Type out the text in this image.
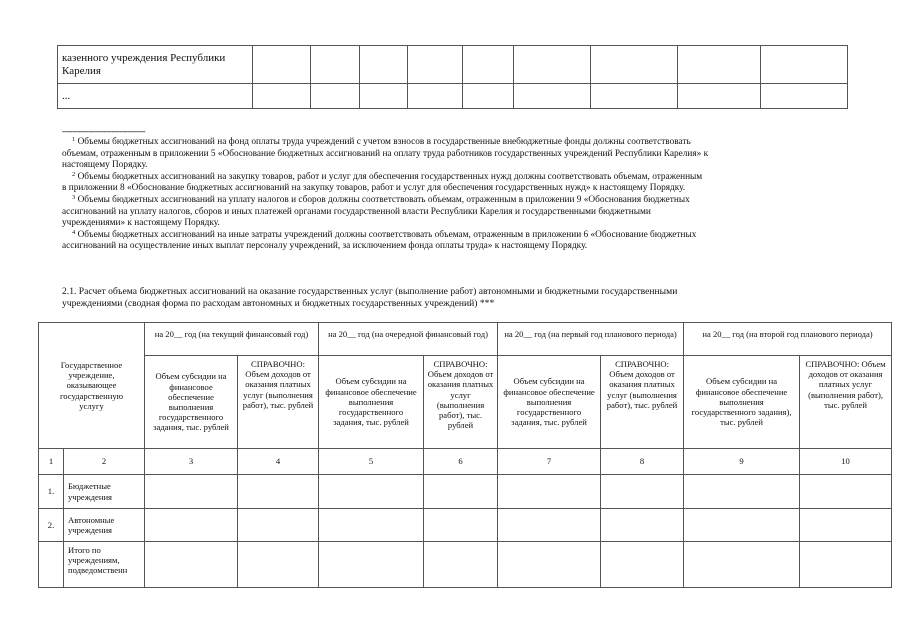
казенного учреждения Республики Карелия									
...									

--------------------------------

$^1$ Объемы бюджетных ассигнований на фонд оплаты труда учреждений с учетом взносов в государственные внебюджетные фонды должны соответствовать

объемам, отраженным в приложении 5 «Обоснование бюджетных ассигнований на оплату труда работников государственных учреждений Республики Карелия» к

настоящему Порядку.

$^2$ Объемы бюджетных ассигнований на закупку товаров, работ и услуг для обеспечения государственных нужд должны соответствовать объемам, отраженным

в приложении 8 «Обоснование бюджетных ассигнований на закупку товаров, работ и услуг для обеспечения государственных нужд» к настоящему Порядку.

$^3$ Объемы бюджетных ассигнований на уплату налогов и сборов должны соответствовать объемам, отраженным в приложении 9 «Обоснования бюджетных

ассигнований на уплату налогов, сборов и иных платежей органами государственной власти Республики Карелия и государственными бюджетными

учреждениями» к настоящему Порядку.

$^4$ Объемы бюджетных ассигнований на иные затраты учреждений должны соответствовать объемам, отраженным в приложении 6 «Обоснование бюджетных

ассигнований на осуществление иных выплат персоналу учреждений, за исключением фонда оплаты труда» к настоящему Порядку.

2.1. Расчет объема бюджетных ассигнований на оказание государственных услуг (выполнение работ) автономными и бюджетными государственными
учреждениями (сводная форма по расходам автономных и бюджетных государственных учреждений) ***
Государственное учреждение, оказывающее государственную услугу		на 20__ год (на текущий финансовый год)		на 20__ год (на очередной финансовый год)		на 20__ год (на первый год планового периода)		на 20__ год (на второй год планового периода)	
		Объем субсидии на финансовое обеспечение выполнения государственного задания, тыс. рублей	СПРАВОЧНО: Объем доходов от оказания платных услуг (выполнения работ), тыс. рублей	Объем субсидии на финансовое обеспечение выполнения государственного задания, тыс. рублей	СПРАВОЧНО: Объем доходов от оказания платных услуг (выполнения работ), тыс. рублей	Объем субсидии на финансовое обеспечение выполнения государственного задания, тыс. рублей	СПРАВОЧНО: Объем доходов от оказания платных услуг (выполнения работ), тыс. рублей	Объем субсидии на финансовое обеспечение выполнения государственного задания), тыс. рублей	СПРАВОЧНО: Объем доходов от оказания платных услуг (выполнения работ), тыс. рублей
1	2	3	4	5	6	7	8	9	10
1.	Бюджетные учреждения								
2.	Автономные учреждения								
	Итого по учреждениям, подведомственн								
